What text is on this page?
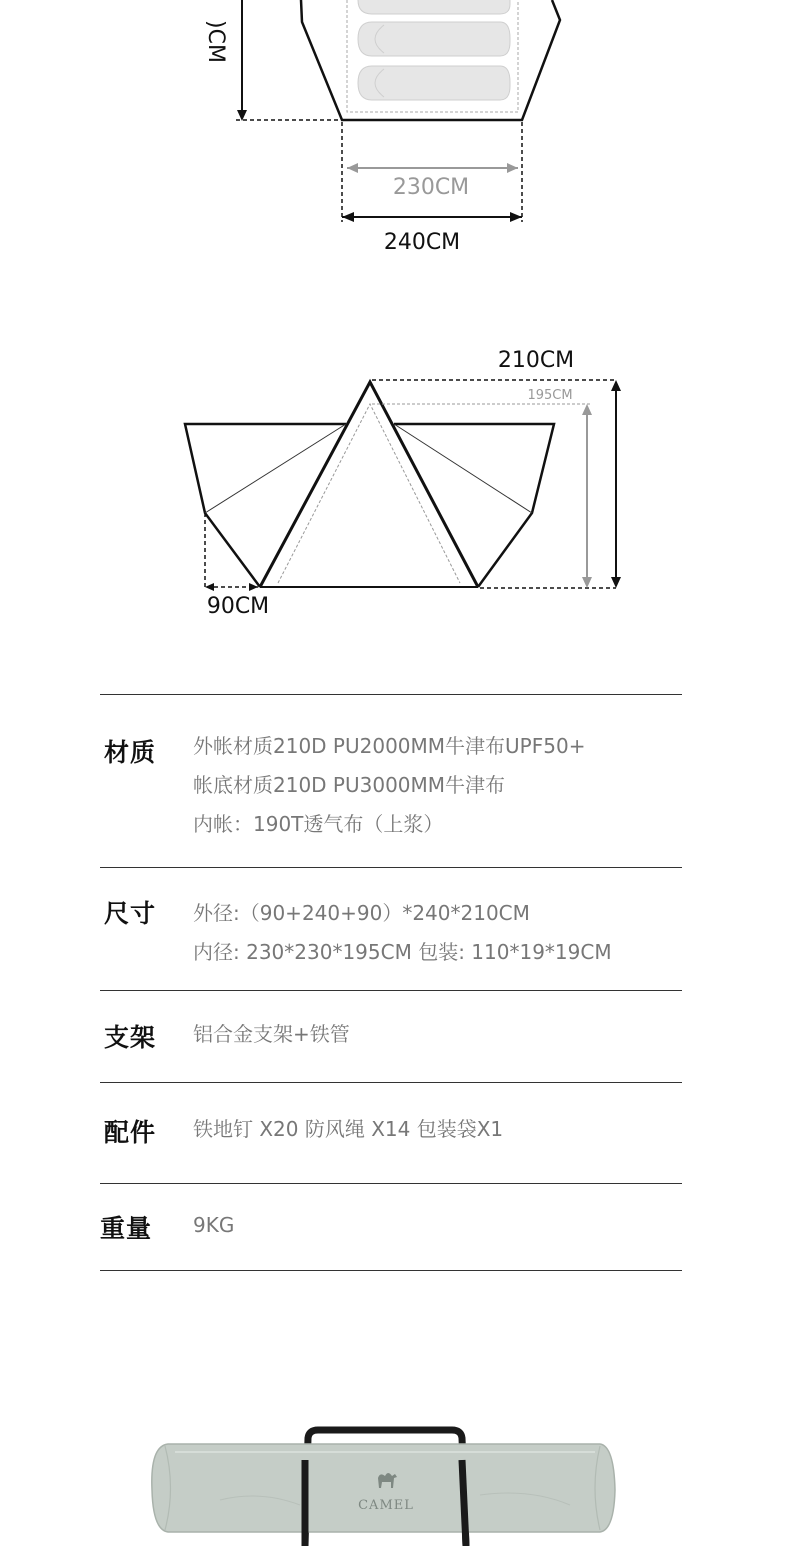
)CM
230CM
240CM
210CM
195CM
90CM
材质 外帐材质210D PU2000MM牛津布UPF50+
帐底材质210D PU3000MM牛津布
内帐：190T透气布（上浆）
尺寸 外径:（90+240+90）*240*210CM
内径: 230*230*195CM 包装: 110*19*19CM
支架 铝合金支架+铁管
配件 铁地钉 X20 防风绳 X14 包装袋X1
重量 9KG
CAMEL
